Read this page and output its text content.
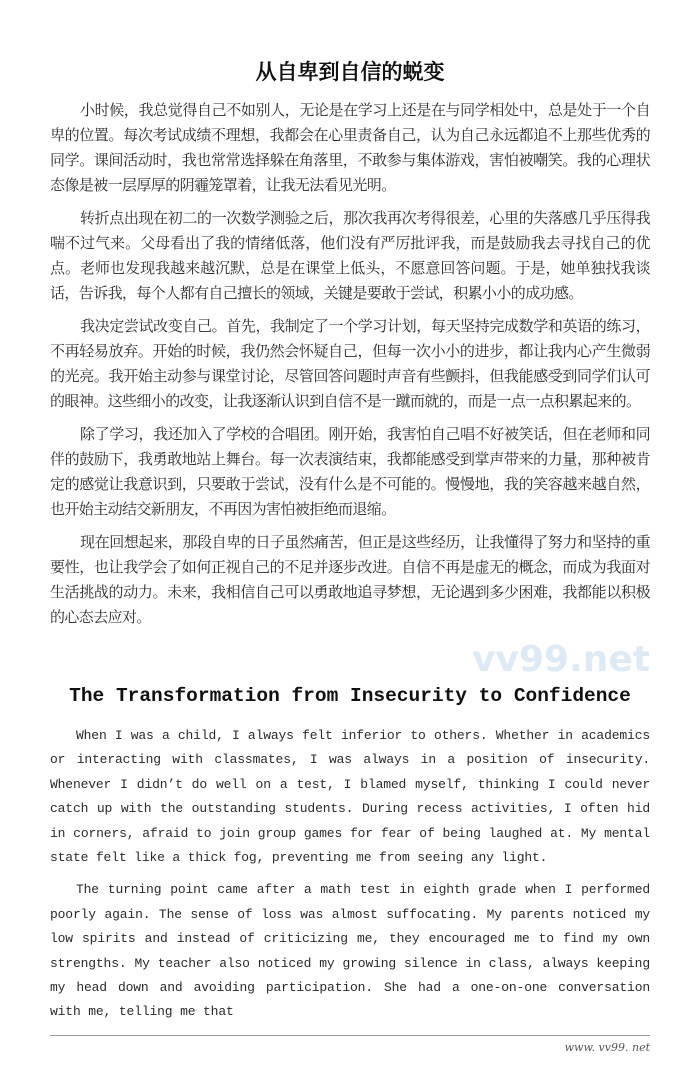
从自卑到自信的蜕变

小时候，我总觉得自己不如别人，无论是在学习上还是在与同学相处中，总是处于一个自卑的位置。每次考试成绩不理想，我都会在心里责备自己，认为自己永远都追不上那些优秀的同学。课间活动时，我也常常选择躲在角落里，不敢参与集体游戏，害怕被嘲笑。我的心理状态像是被一层厚厚的阴霾笼罩着，让我无法看见光明。

转折点出现在初二的一次数学测验之后，那次我再次考得很差，心里的失落感几乎压得我喘不过气来。父母看出了我的情绪低落，他们没有严厉批评我，而是鼓励我去寻找自己的优点。老师也发现我越来越沉默，总是在课堂上低头，不愿意回答问题。于是，她单独找我谈话，告诉我，每个人都有自己擅长的领域，关键是要敢于尝试，积累小小的成功感。

我决定尝试改变自己。首先，我制定了一个学习计划，每天坚持完成数学和英语的练习，不再轻易放弃。开始的时候，我仍然会怀疑自己，但每一次小小的进步，都让我内心产生微弱的光亮。我开始主动参与课堂讨论，尽管回答问题时声音有些颤抖，但我能感受到同学们认可的眼神。这些细小的改变，让我逐渐认识到自信不是一蹴而就的，而是一点一点积累起来的。

除了学习，我还加入了学校的合唱团。刚开始，我害怕自己唱不好被笑话，但在老师和同伴的鼓励下，我勇敢地站上舞台。每一次表演结束，我都能感受到掌声带来的力量，那种被肯定的感觉让我意识到，只要敢于尝试，没有什么是不可能的。慢慢地，我的笑容越来越自然，也开始主动结交新朋友，不再因为害怕被拒绝而退缩。

现在回想起来，那段自卑的日子虽然痛苦，但正是这些经历，让我懂得了努力和坚持的重要性，也让我学会了如何正视自己的不足并逐步改进。自信不再是虚无的概念，而成为我面对生活挑战的动力。未来，我相信自己可以勇敢地追寻梦想，无论遇到多少困难，我都能以积极的心态去应对。

vv99.net
The Transformation from Insecurity to Confidence

When I was a child, I always felt inferior to others. Whether in academics or interacting with classmates, I was always in a position of insecurity. Whenever I didn’t do well on a test, I blamed myself, thinking I could never catch up with the outstanding students. During recess activities, I often hid in corners, afraid to join group games for fear of being laughed at. My mental state felt like a thick fog, preventing me from seeing any light.

The turning point came after a math test in eighth grade when I performed poorly again. The sense of loss was almost suffocating. My parents noticed my low spirits and instead of criticizing me, they encouraged me to find my own strengths. My teacher also noticed my growing silence in class, always keeping my head down and avoiding participation. She had a one-on-one conversation with me, telling me that

www. vv99. net
